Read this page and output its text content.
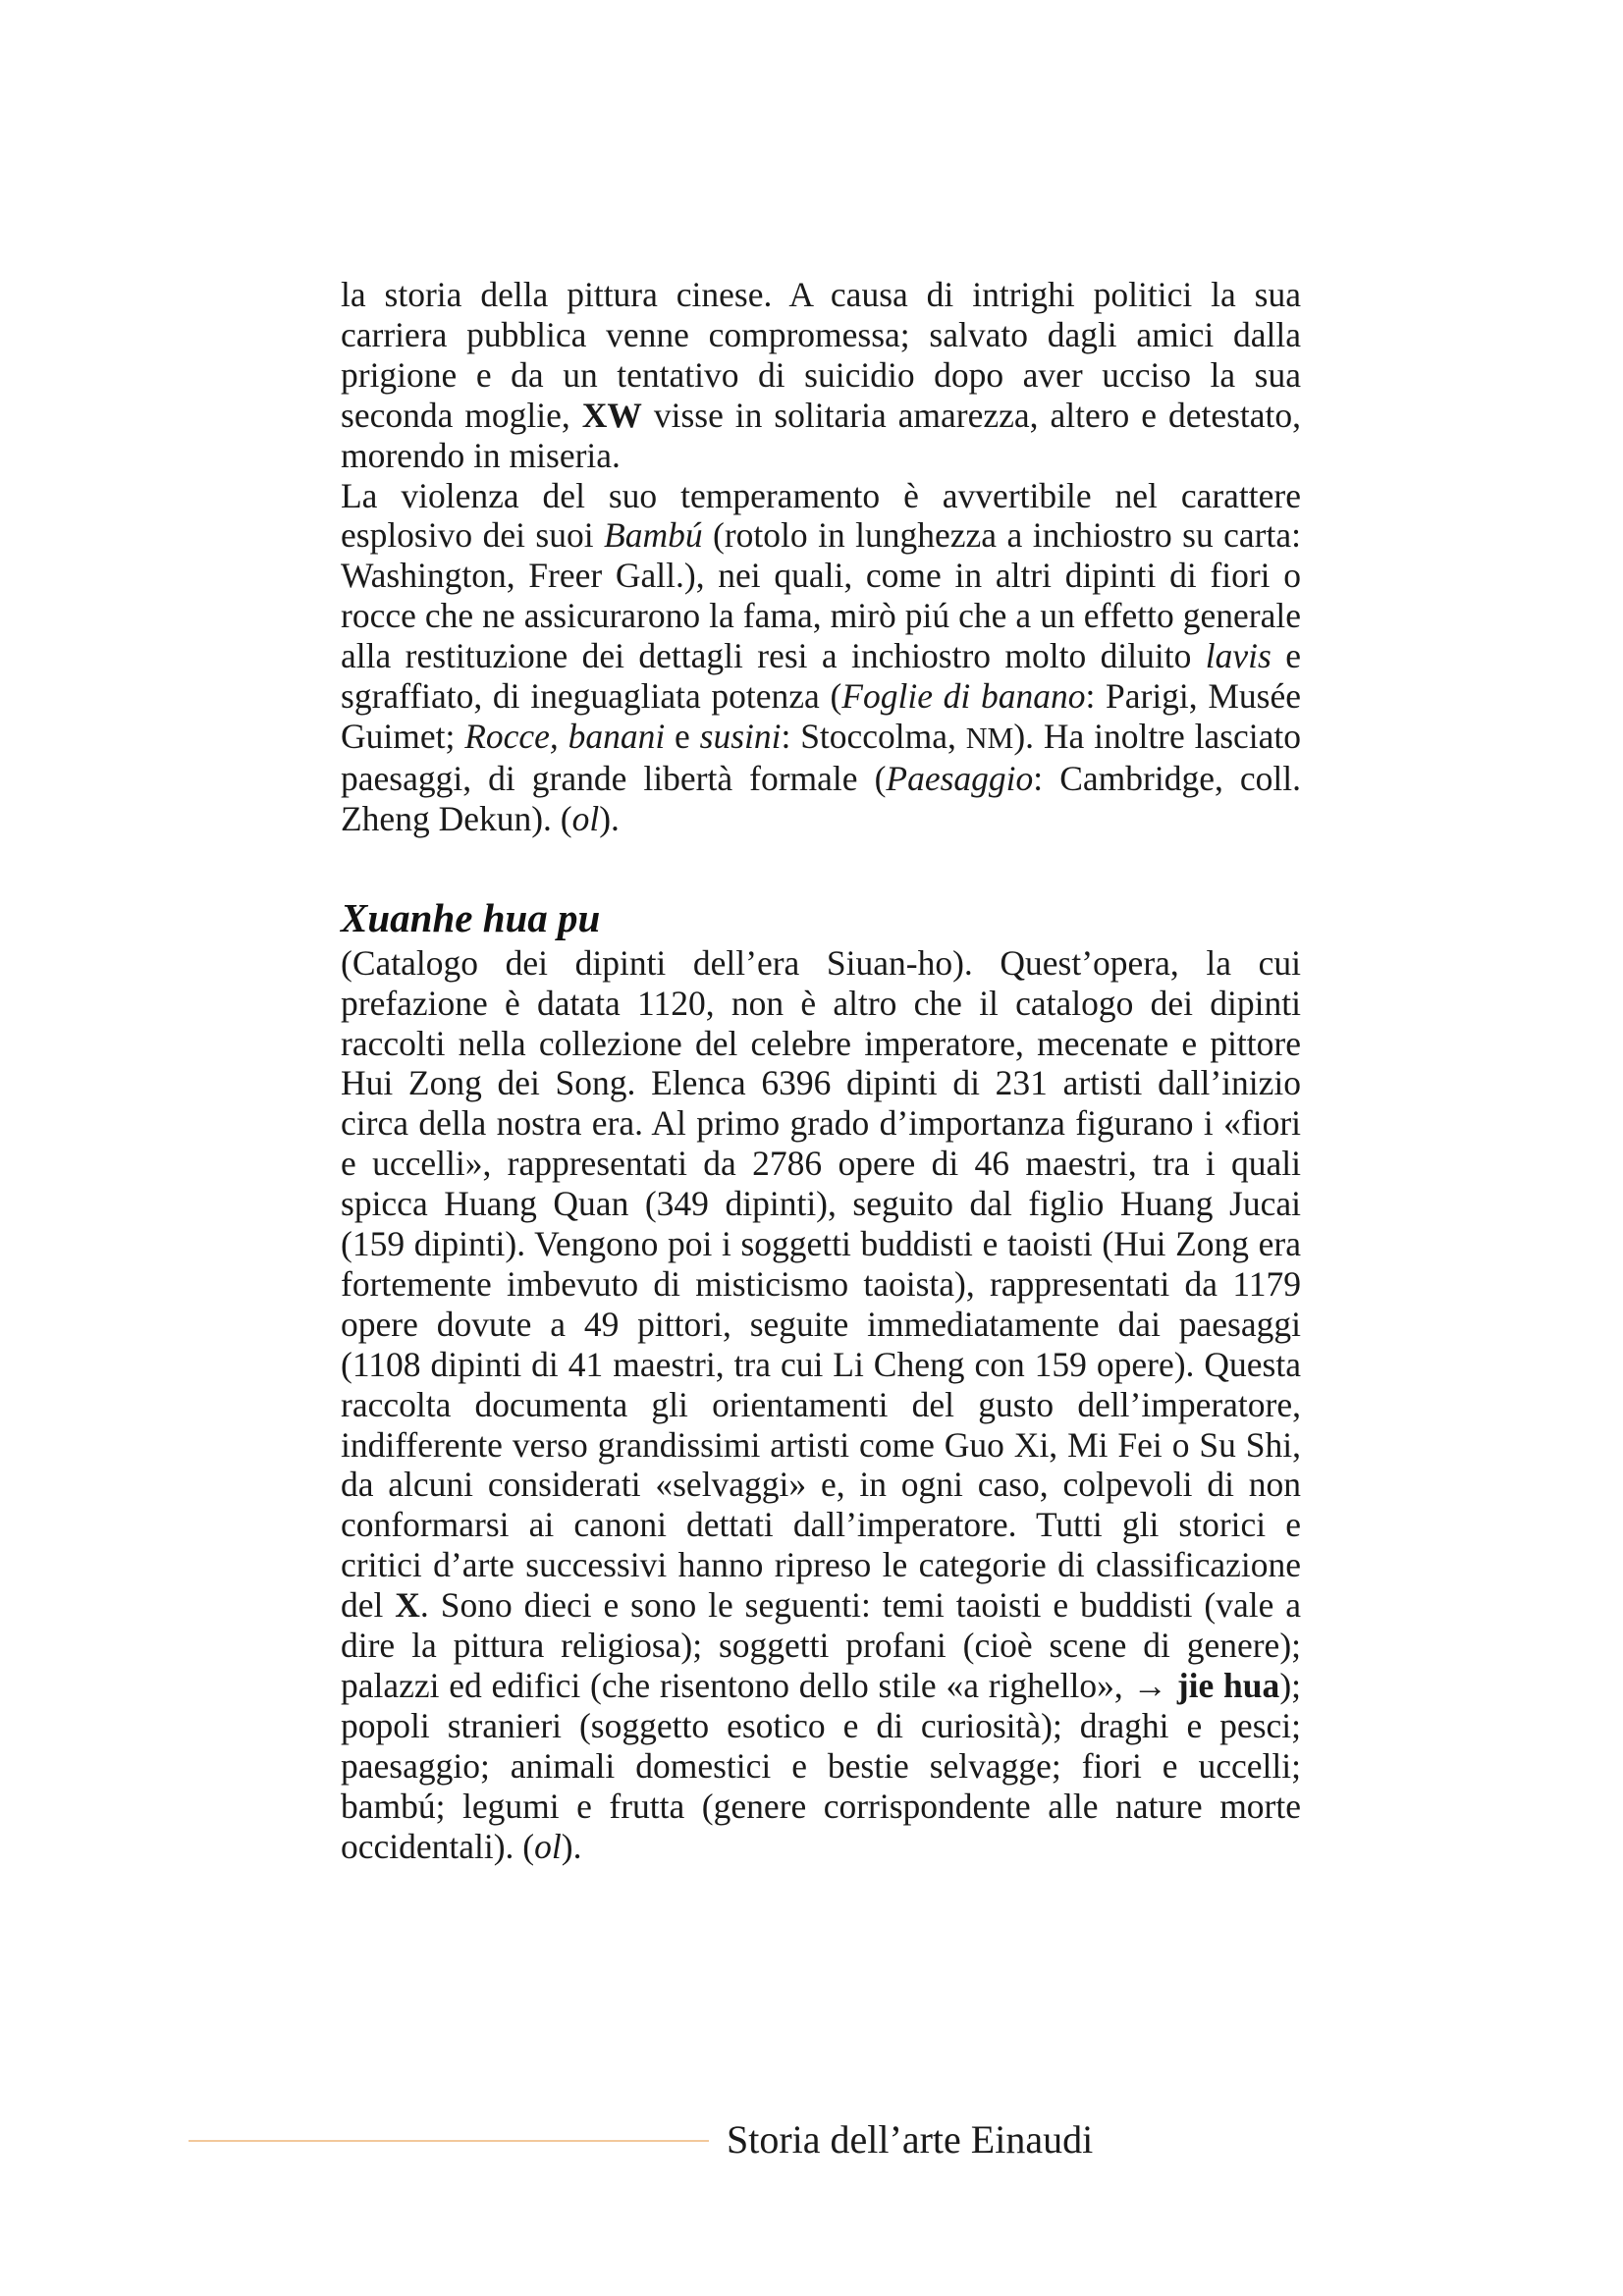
la storia della pittura cinese. A causa di intrighi politici la sua carriera pubblica venne compromessa; salvato dagli amici dalla prigione e da un tentativo di suicidio dopo aver ucciso la sua seconda moglie, XW visse in solitaria amarezza, altero e detestato, morendo in miseria.

La violenza del suo temperamento è avvertibile nel carattere esplosivo dei suoi Bambú (rotolo in lunghezza a inchiostro su carta: Washington, Freer Gall.), nei quali, come in altri dipinti di fiori o rocce che ne assicurarono la fama, mirò piú che a un effetto generale alla restituzione dei dettagli resi a inchiostro molto diluito lavis e sgraffiato, di ineguagliata potenza (Foglie di banano: Parigi, Musée Guimet; Rocce, banani e susini: Stoccolma, NM). Ha inoltre lasciato paesaggi, di grande libertà formale (Paesaggio: Cambridge, coll. Zheng Dekun). (ol).

Xuanhe hua pu

(Catalogo dei dipinti dell’era Siuan-ho). Quest’opera, la cui prefazione è datata 1120, non è altro che il catalogo dei dipinti raccolti nella collezione del celebre imperatore, mecenate e pittore Hui Zong dei Song. Elenca 6396 dipinti di 231 artisti dall’inizio circa della nostra era. Al primo grado d’importanza figurano i «fiori e uccelli», rappresentati da 2786 opere di 46 maestri, tra i quali spicca Huang Quan (349 dipinti), seguito dal figlio Huang Jucai (159 dipinti). Vengono poi i soggetti buddisti e taoisti (Hui Zong era fortemente imbevuto di misticismo taoista), rappresentati da 1179 opere dovute a 49 pittori, seguite immediatamente dai paesaggi (1108 dipinti di 41 maestri, tra cui Li Cheng con 159 opere). Questa raccolta documenta gli orientamenti del gusto dell’imperatore, indifferente verso grandissimi artisti come Guo Xi, Mi Fei o Su Shi, da alcuni considerati «selvaggi» e, in ogni caso, colpevoli di non conformarsi ai canoni dettati dall’imperatore. Tutti gli storici e critici d’arte successivi hanno ripreso le categorie di classificazione del X. Sono dieci e sono le seguenti: temi taoisti e buddisti (vale a dire la pittura religiosa); soggetti profani (cioè scene di genere); palazzi ed edifici (che risentono dello stile «a righello», → jie hua); popoli stranieri (soggetto esotico e di curiosità); draghi e pesci; paesaggio; animali domestici e bestie selvagge; fiori e uccelli; bambú; legumi e frutta (genere corrispondente alle nature morte occidentali). (ol).

Storia dell’arte Einaudi
